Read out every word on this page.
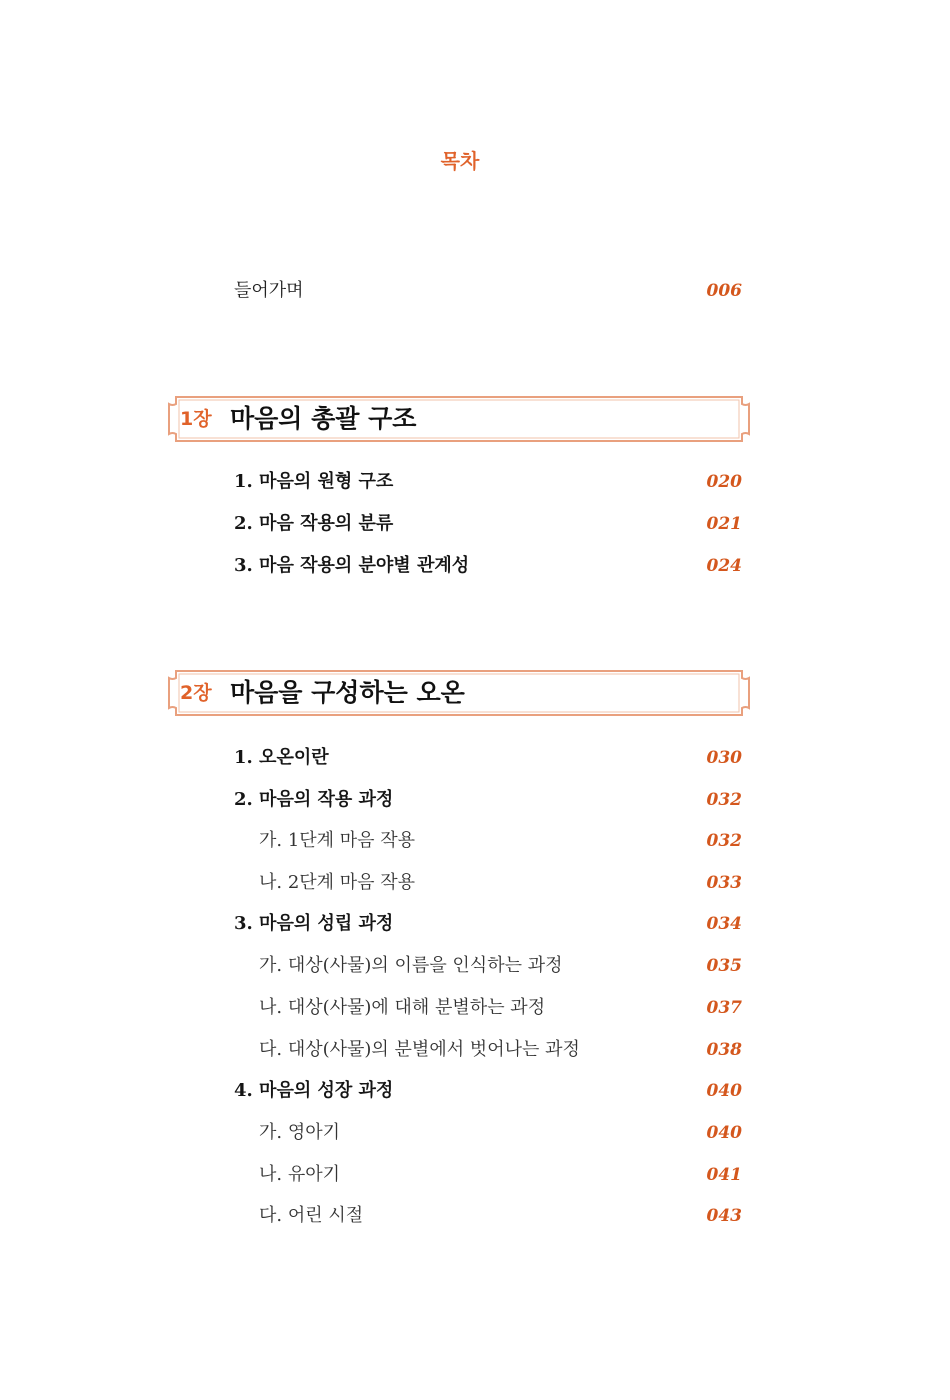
목차
들어가며	006
1장 마음의 총괄 구조
1. 마음의 원형 구조	020
2. 마음 작용의 분류	021
3. 마음 작용의 분야별 관계성	024
2장 마음을 구성하는 오온
1. 오온이란	030
2. 마음의 작용 과정	032
가. 1단계 마음 작용	032
나. 2단계 마음 작용	033
3. 마음의 성립 과정	034
가. 대상(사물)의 이름을 인식하는 과정	035
나. 대상(사물)에 대해 분별하는 과정	037
다. 대상(사물)의 분별에서 벗어나는 과정	038
4. 마음의 성장 과정	040
가. 영아기	040
나. 유아기	041
다. 어린 시절	043
